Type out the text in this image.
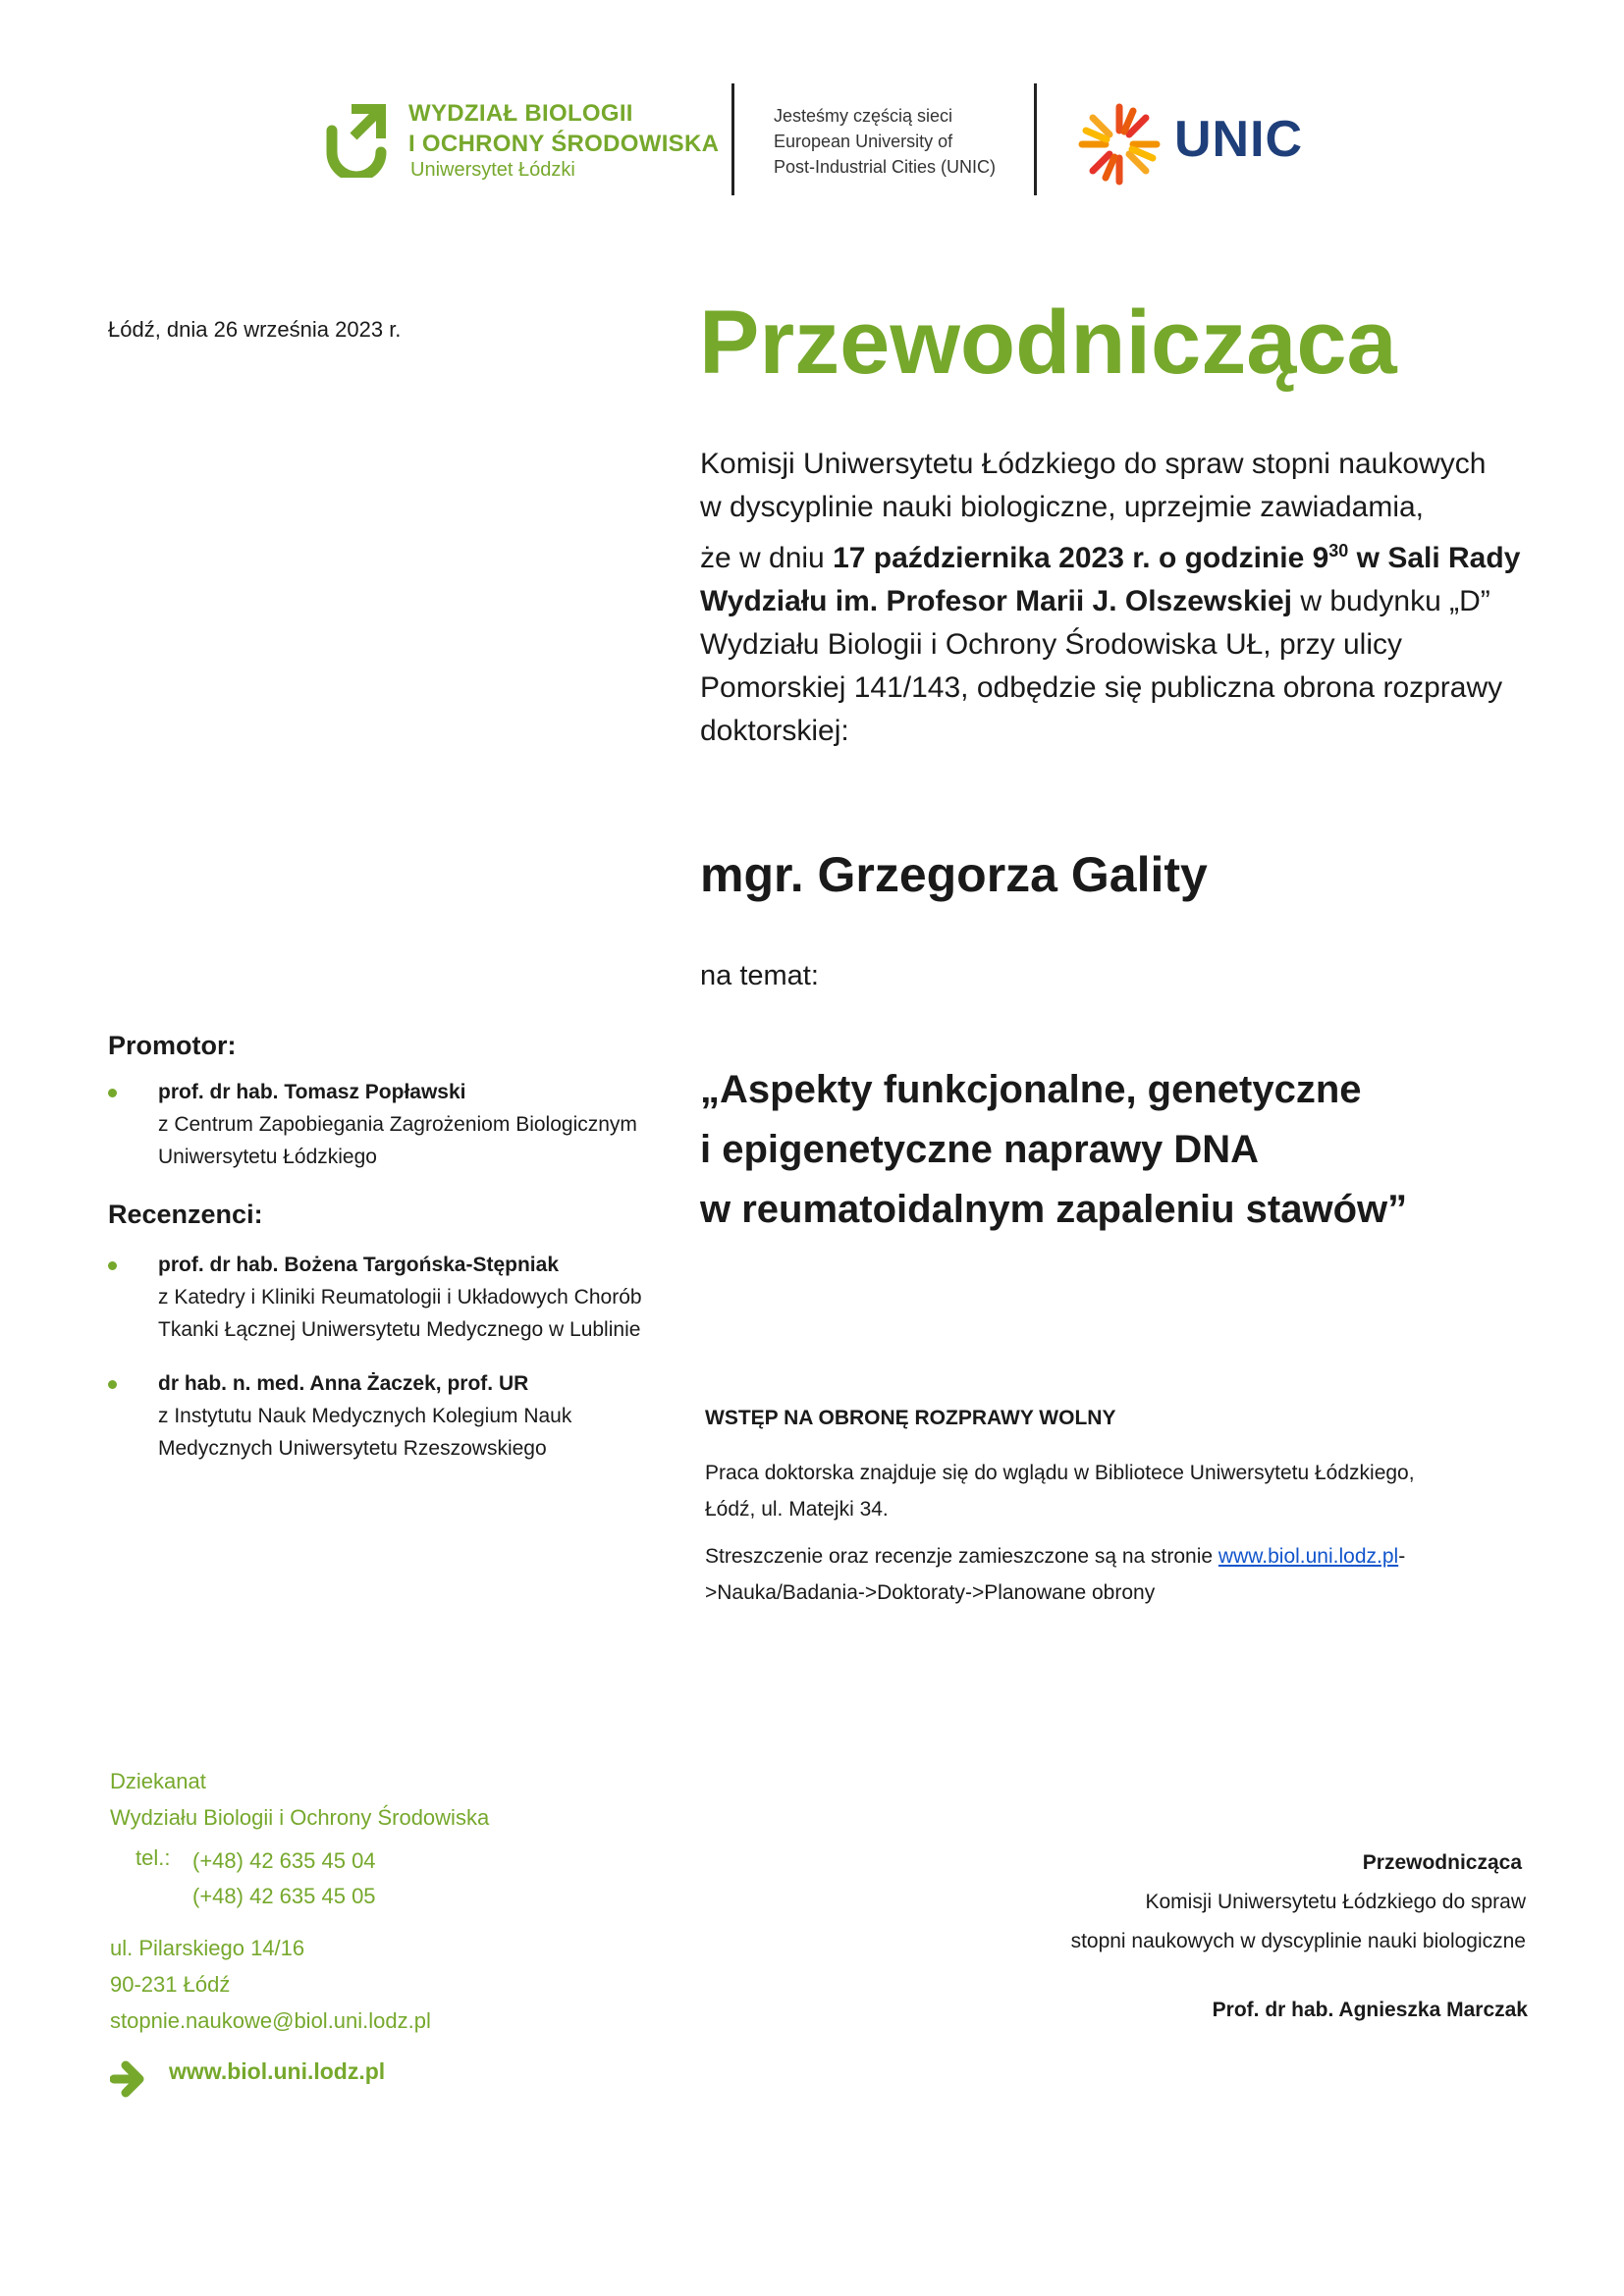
WYDZIAŁ BIOLOGII
I OCHRONY ŚRODOWISKA
Uniwersytet Łódzki
Jesteśmy częścią sieci
European University of
Post-Industrial Cities (UNIC)	UNIC
Łódź, dnia 26 września 2023 r.	Przewodnicząca
Komisji Uniwersytetu Łódzkiego do spraw stopni naukowych
w dyscyplinie nauki biologiczne, uprzejmie zawiadamia,
że w dniu 17 października 2023 r. o godzinie $9^{30}$ w Sali Rady
Wydziału im. Profesor Marii J. Olszewskiej w budynku „D”
Wydziału Biologii i Ochrony Środowiska UŁ, przy ulicy
Pomorskiej 141/143, odbędzie się publiczna obrona rozprawy
doktorskiej:
mgr. Grzegorza Gality
na temat:
„Aspekty funkcjonalne, genetyczne
i epigenetyczne naprawy DNA
w reumatoidalnym zapaleniu stawów”
Promotor:
prof. dr hab. Tomasz Popławski
z Centrum Zapobiegania Zagrożeniom Biologicznym
Uniwersytetu Łódzkiego
Recenzenci:
prof. dr hab. Bożena Targońska-Stępniak
z Katedry i Kliniki Reumatologii i Układowych Chorób
Tkanki Łącznej Uniwersytetu Medycznego w Lublinie
dr hab. n. med. Anna Żaczek, prof. UR
z Instytutu Nauk Medycznych Kolegium Nauk
Medycznych Uniwersytetu Rzeszowskiego
WSTĘP NA OBRONĘ ROZPRAWY WOLNY
Praca doktorska znajduje się do wglądu w Bibliotece Uniwersytetu Łódzkiego,
Łódź, ul. Matejki 34.
Streszczenie oraz recenzje zamieszczone są na stronie www.biol.uni.lodz.pl-
>Nauka/Badania->Doktoraty->Planowane obrony
Dziekanat
Wydziału Biologii i Ochrony Środowiska
tel.: (+48) 42 635 45 04
(+48) 42 635 45 05
ul. Pilarskiego 14/16
90-231 Łódź
stopnie.naukowe@biol.uni.lodz.pl
www.biol.uni.lodz.pl
Przewodnicząca
Komisji Uniwersytetu Łódzkiego do spraw
stopni naukowych w dyscyplinie nauki biologiczne
Prof. dr hab. Agnieszka Marczak
